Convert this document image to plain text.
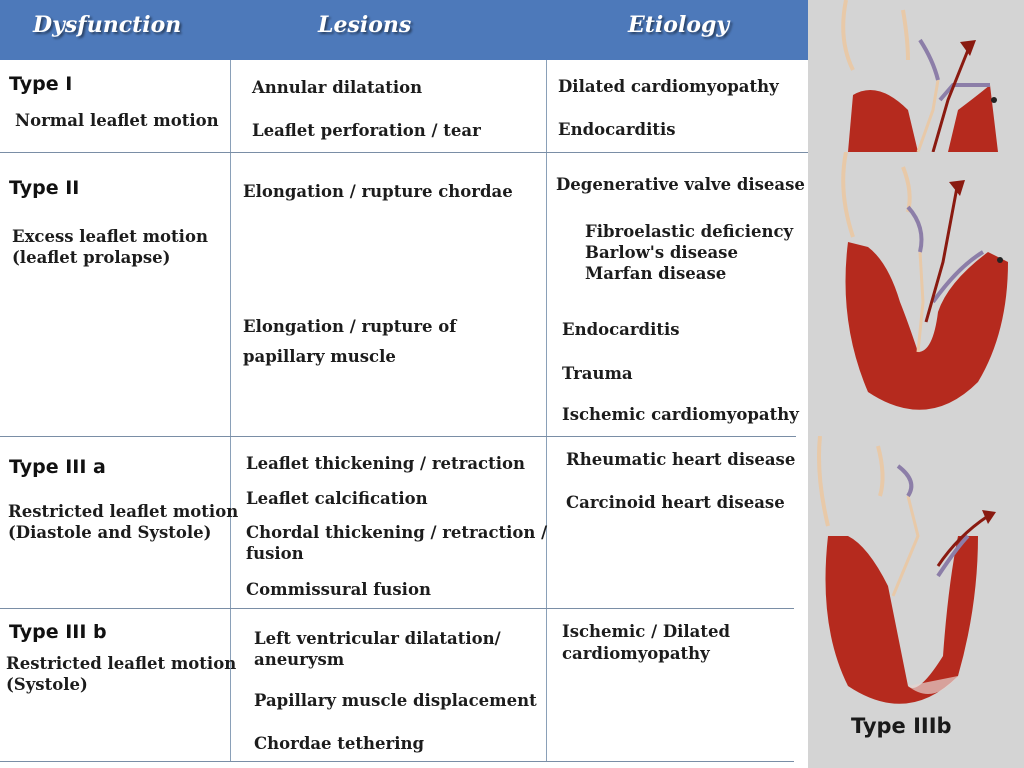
Dysfunction	Lesions	Etiology
Type I
Normal leaflet motion
Annular dilatation
Leaflet perforation / tear
Dilated cardiomyopathy
Endocarditis
Type II
Excess leaflet motion
(leaflet prolapse)
Elongation / rupture chordae
Elongation / rupture of
papillary muscle
Degenerative valve disease
Fibroelastic deficiency
Barlow's disease
Marfan disease
Endocarditis
Trauma
Ischemic cardiomyopathy
Type III a
Restricted leaflet motion
(Diastole and Systole)
Leaflet thickening / retraction
Leaflet calcification
Chordal thickening / retraction /
fusion
Commissural fusion
Rheumatic heart disease
Carcinoid heart disease
Type III b
Restricted leaflet motion
(Systole)
Left ventricular dilatation/
aneurysm
Papillary muscle displacement
Chordae tethering
Ischemic / Dilated
cardiomyopathy
Type IIIb
